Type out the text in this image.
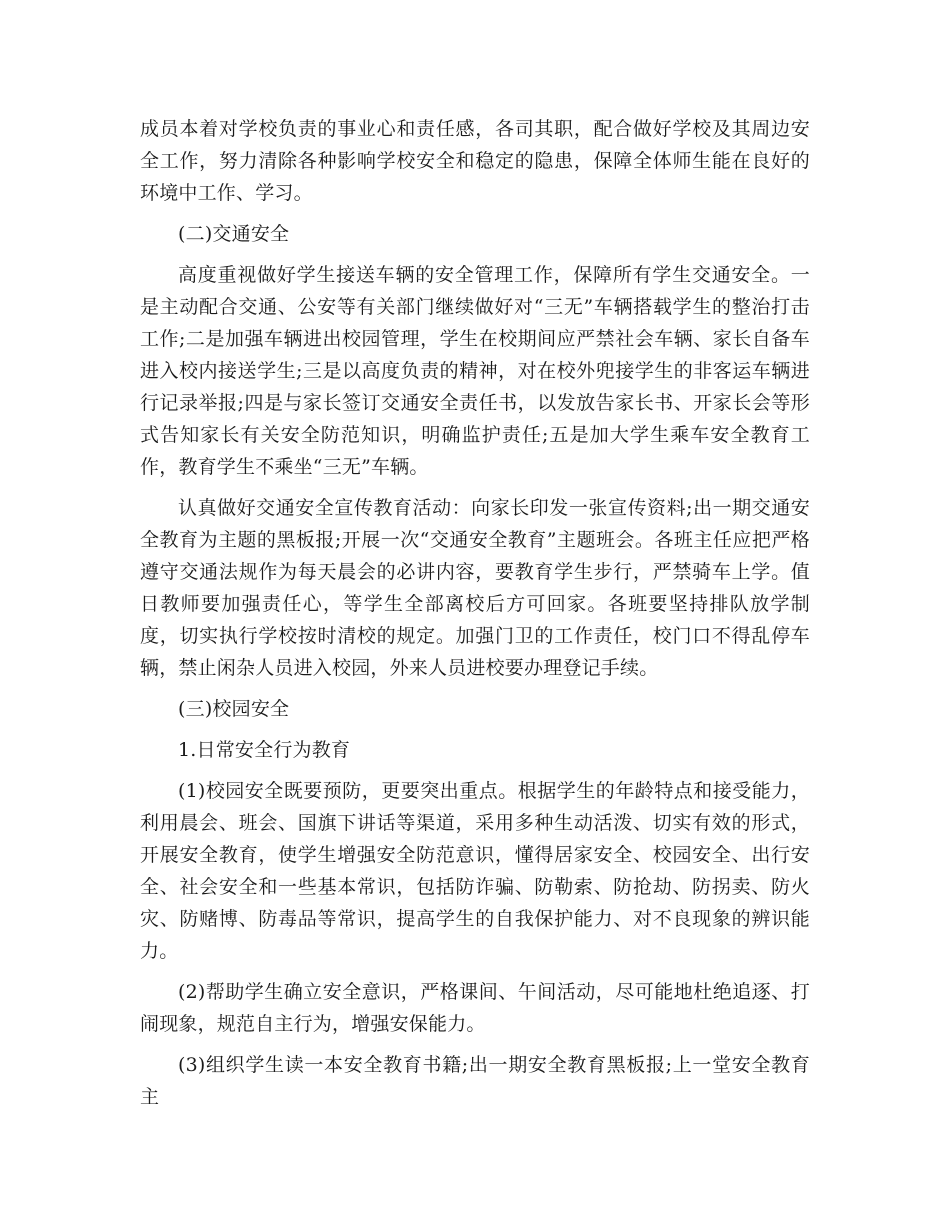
成员本着对学校负责的事业心和责任感，各司其职，配合做好学校及其周边安全工作，努力清除各种影响学校安全和稳定的隐患，保障全体师生能在良好的环境中工作、学习。

(二)交通安全

高度重视做好学生接送车辆的安全管理工作，保障所有学生交通安全。一是主动配合交通、公安等有关部门继续做好对“三无”车辆搭载学生的整治打击工作;二是加强车辆进出校园管理，学生在校期间应严禁社会车辆、家长自备车进入校内接送学生;三是以高度负责的精神，对在校外兜接学生的非客运车辆进行记录举报;四是与家长签订交通安全责任书，以发放告家长书、开家长会等形式告知家长有关安全防范知识，明确监护责任;五是加大学生乘车安全教育工作，教育学生不乘坐“三无”车辆。

认真做好交通安全宣传教育活动：向家长印发一张宣传资料;出一期交通安全教育为主题的黑板报;开展一次“交通安全教育”主题班会。各班主任应把严格遵守交通法规作为每天晨会的必讲内容，要教育学生步行，严禁骑车上学。值日教师要加强责任心，等学生全部离校后方可回家。各班要坚持排队放学制度，切实执行学校按时清校的规定。加强门卫的工作责任，校门口不得乱停车辆，禁止闲杂人员进入校园，外来人员进校要办理登记手续。

(三)校园安全

1.日常安全行为教育

(1)校园安全既要预防，更要突出重点。根据学生的年龄特点和接受能力，利用晨会、班会、国旗下讲话等渠道，采用多种生动活泼、切实有效的形式，开展安全教育，使学生增强安全防范意识，懂得居家安全、校园安全、出行安全、社会安全和一些基本常识，包括防诈骗、防勒索、防抢劫、防拐卖、防火灾、防赌博、防毒品等常识，提高学生的自我保护能力、对不良现象的辨识能力。

(2)帮助学生确立安全意识，严格课间、午间活动，尽可能地杜绝追逐、打闹现象，规范自主行为，增强安保能力。

(3)组织学生读一本安全教育书籍;出一期安全教育黑板报;上一堂安全教育主
